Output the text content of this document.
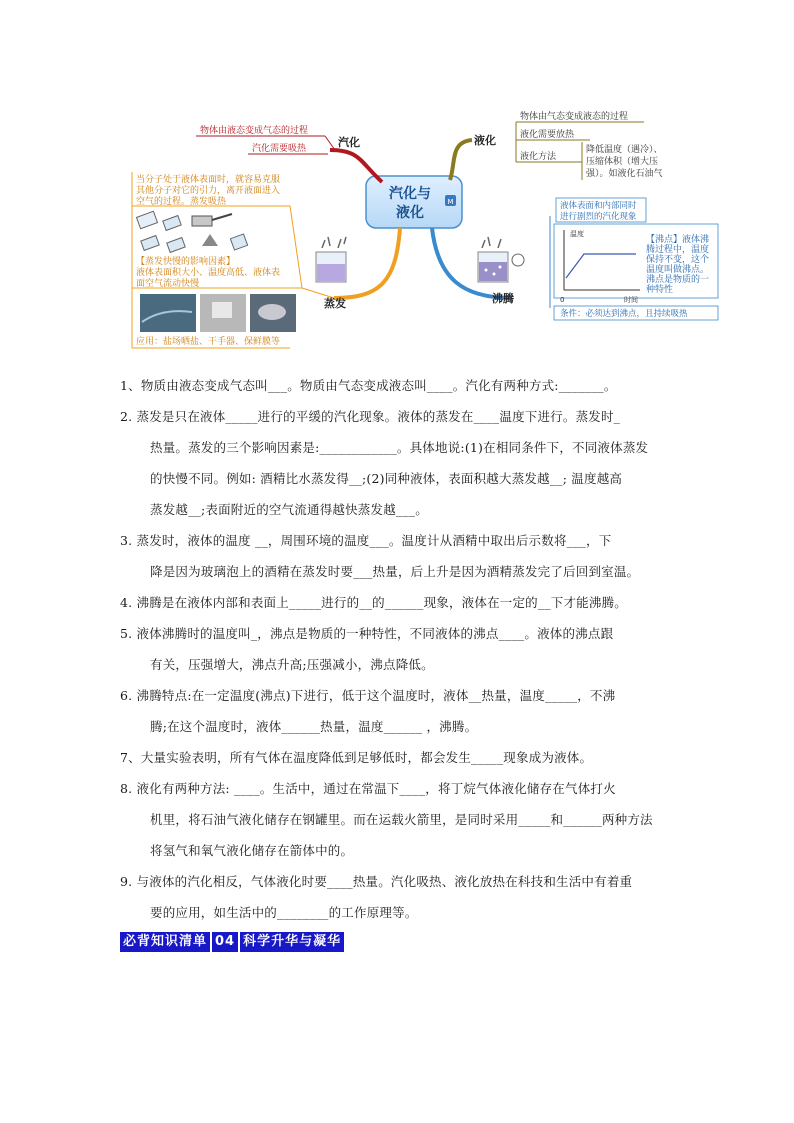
汽化与
液化
M
汽化
物体由液态变成气态的过程
汽化需要吸热
液化
物体由气态变成液态的过程
液化需要放热
液化方法
降低温度（遇冷）、
压缩体积（增大压
强）。如液化石油气
当分子处于液体表面时，就容易克服
其他分子对它的引力，离开液面进入
空气的过程。蒸发吸热
【蒸发快慢的影响因素】
液体表面积大小、温度高低、液体表
面空气流动快慢
应用：盐场晒盐、干手器、保鲜膜等
蒸发	沸腾
液体表面和内部同时
进行剧烈的汽化现象
温度
时间
0
【沸点】液体沸
腾过程中，温度
保持不变，这个
温度叫做沸点。
沸点是物质的一
种特性
条件：必须达到沸点，且持续吸热
1、物质由液态变成气态叫___。物质由气态变成液态叫____。汽化有两种方式:_______。
2. 蒸发是只在液体_____进行的平缓的汽化现象。液体的蒸发在____温度下进行。蒸发时_
热量。蒸发的三个影响因素是:____________。具体地说:(1)在相同条件下，不同液体蒸发
的快慢不同。例如: 酒精比水蒸发得__;(2)同种液体，表面积越大蒸发越__; 温度越高
蒸发越__;表面附近的空气流通得越快蒸发越___。
3. 蒸发时，液体的温度 __，周围环境的温度___。温度计从酒精中取出后示数将___，下
降是因为玻璃泡上的酒精在蒸发时要___热量，后上升是因为酒精蒸发完了后回到室温。
4. 沸腾是在液体内部和表面上_____进行的__的______现象，液体在一定的__下才能沸腾。
5. 液体沸腾时的温度叫_，沸点是物质的一种特性，不同液体的沸点____。液体的沸点跟
有关，压强增大，沸点升高;压强减小，沸点降低。
6. 沸腾特点:在一定温度(沸点)下进行，低于这个温度时，液体__热量，温度_____，不沸
腾;在这个温度时，液体______热量，温度______ ，沸腾。
7、大量实验表明，所有气体在温度降低到足够低时，都会发生_____现象成为液体。
8. 液化有两种方法: ____。生活中，通过在常温下____，将丁烷气体液化储存在气体打火
机里，将石油气液化储存在钢罐里。而在运载火箭里，是同时采用_____和______两种方法
将氢气和氧气液化储存在箭体中的。
9. 与液体的汽化相反，气体液化时要____热量。汽化吸热、液化放热在科技和生活中有着重
要的应用，如生活中的________的工作原理等。
必背知识清单 04 科学升华与凝华
